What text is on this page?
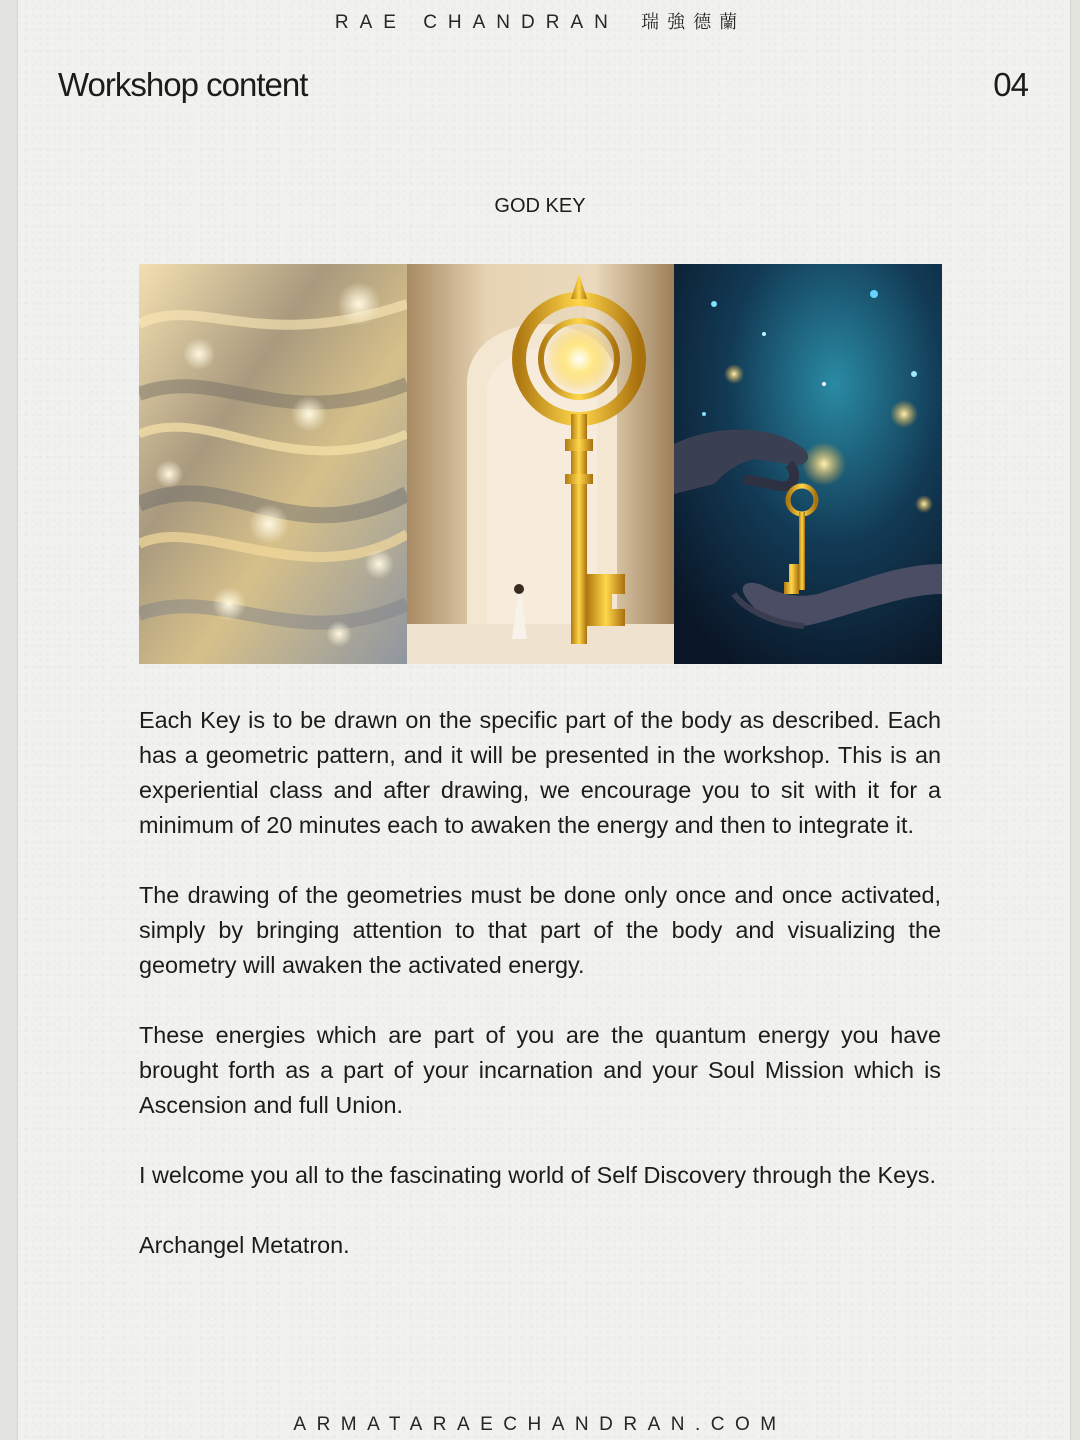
RAE CHANDRAN 瑞強德蘭
Workshop content	04
GOD KEY

Each Key is to be drawn on the specific part of the body as described. Each has a geometric pattern, and it will be presented in the workshop. This is an experiential class and after drawing, we encourage you to sit with it for a minimum of 20 minutes each to awaken the energy and then to integrate it.

The drawing of the geometries must be done only once and once activated, simply by bringing attention to that part of the body and visualizing the geometry will awaken the activated energy.

These energies which are part of you are the quantum energy you have brought forth as a part of your incarnation and your Soul Mission which is Ascension and full Union.

I welcome you all to the fascinating world of Self Discovery through the Keys.

Archangel Metatron.

ARMATARAECHANDRAN.COM
